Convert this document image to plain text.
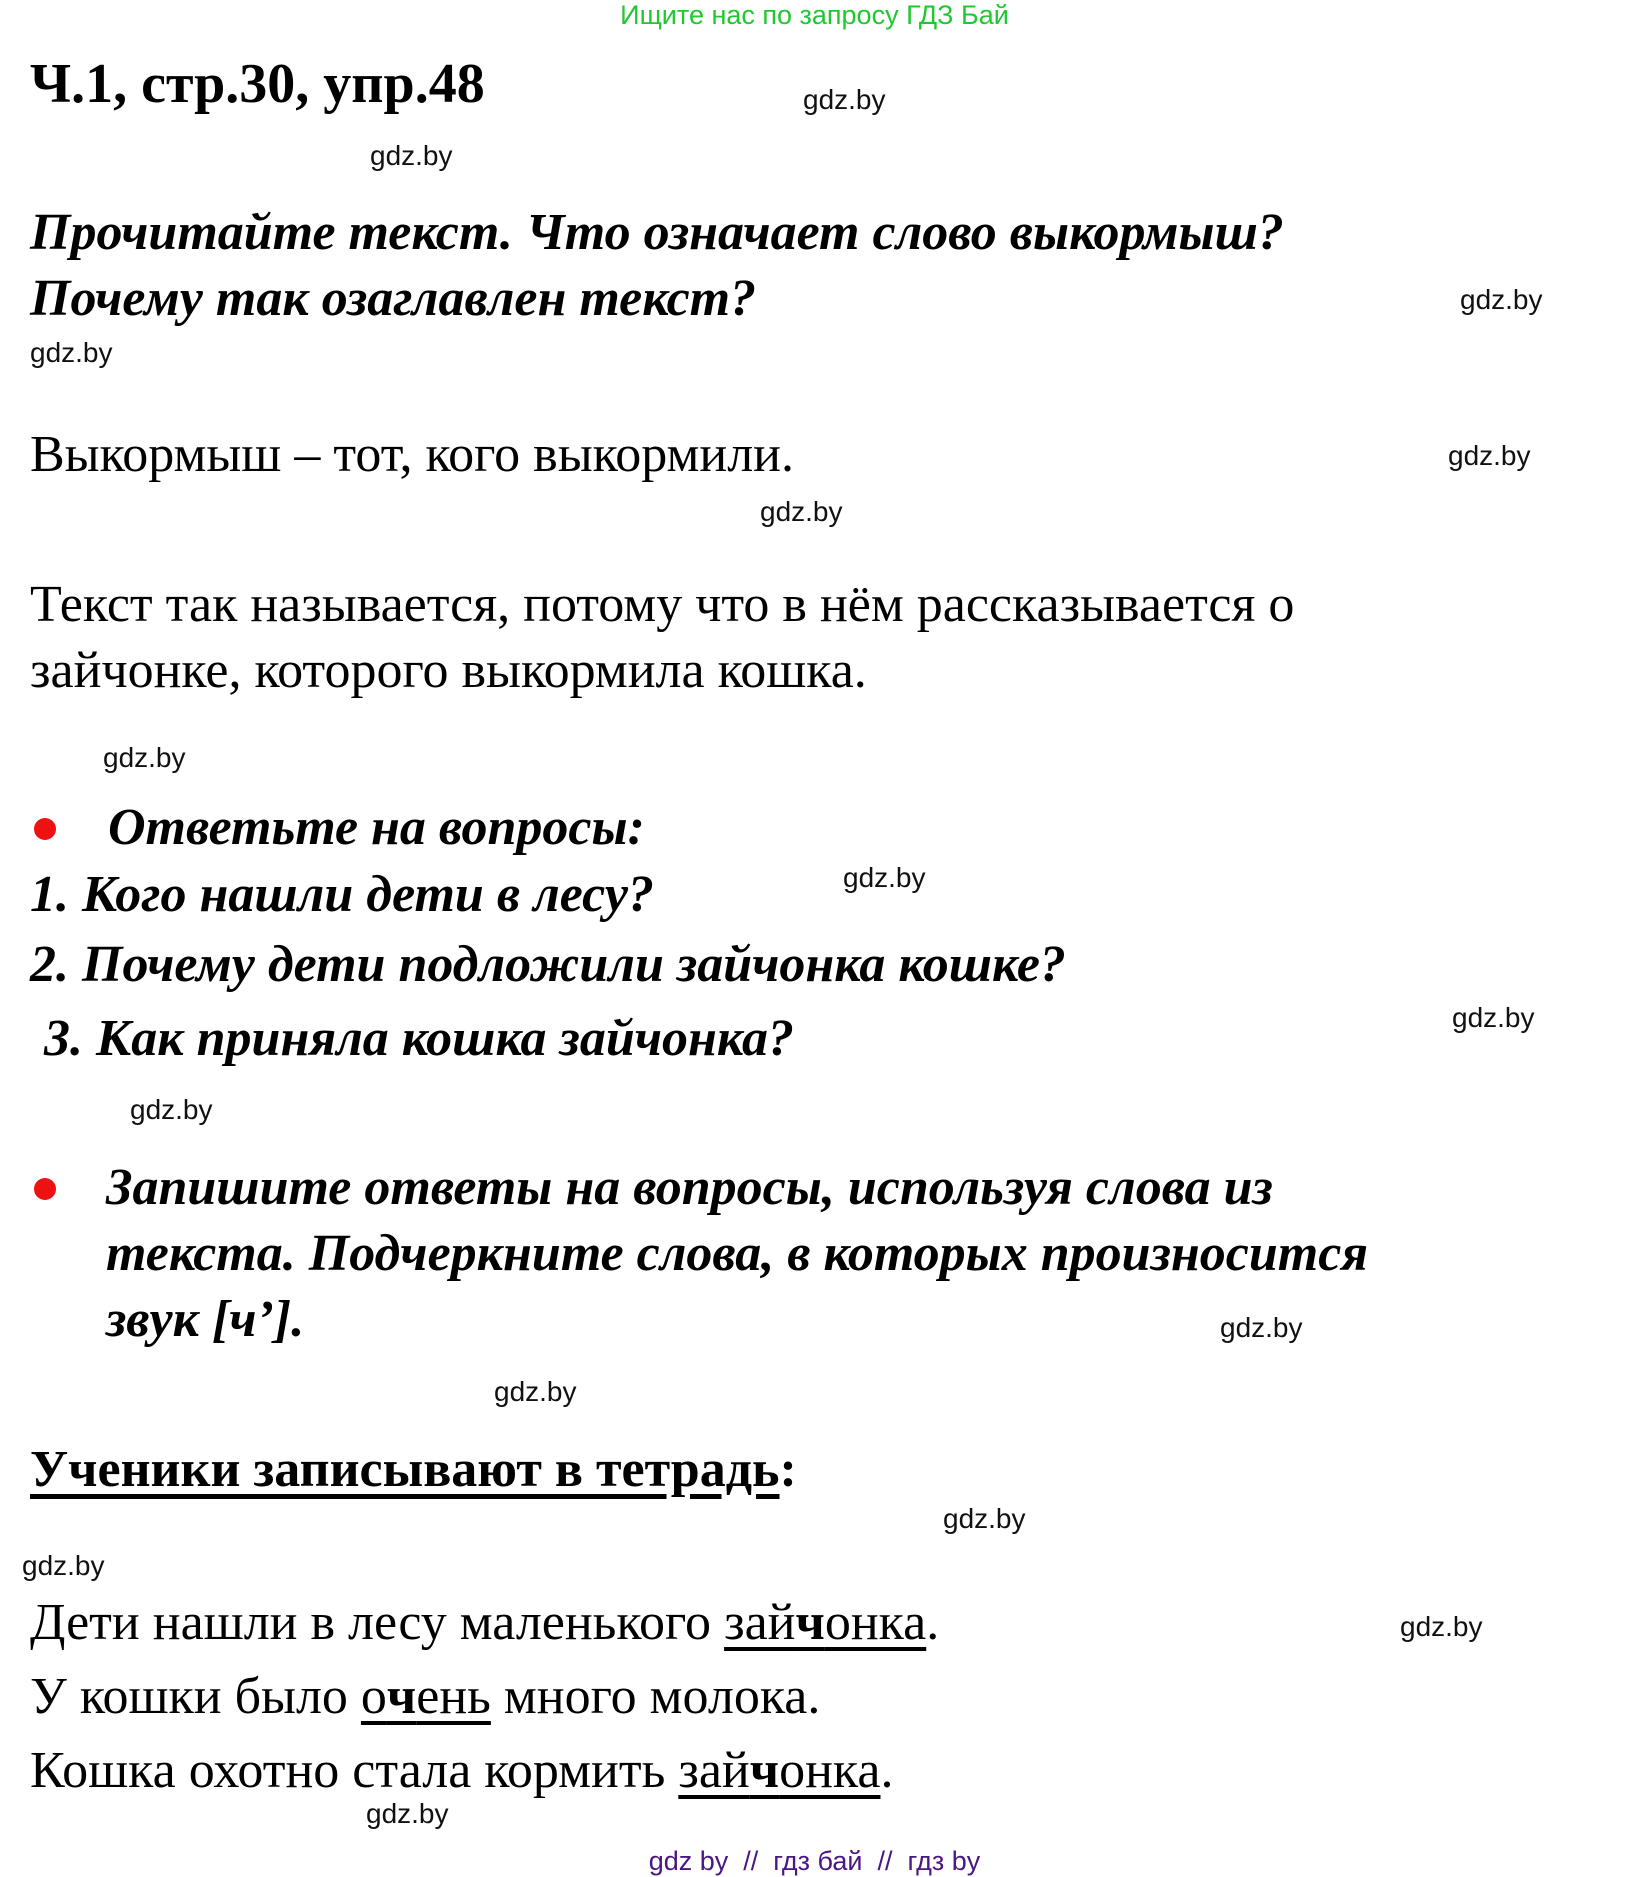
Ищите нас по запросу ГДЗ Бай
Ч.1, стр.30, упр.48
Прочитайте текст. Что означает слово выкормыш?
Почему так озаглавлен текст?
Выкормыш – тот, кого выкормили.
Текст так называется, потому что в нём рассказывается о
зайчонке, которого выкормила кошка.
Ответьте на вопросы:
1. Кого нашли дети в лесу?
2. Почему дети подложили зайчонка кошке?
3. Как приняла кошка зайчонка?
Запишите ответы на вопросы, используя слова из
текста. Подчеркните слова, в которых произносится
звук [ч’].
Ученики записывают в тетрадь:
Дети нашли в лесу маленького зайчонка.
У кошки было очень много молока.
Кошка охотно стала кормить зайчонка.
gdz.by
gdz.by
gdz.by
gdz.by
gdz.by
gdz.by
gdz.by
gdz.by
gdz.by
gdz.by
gdz.by
gdz.by
gdz.by
gdz.by
gdz.by
gdz.by
gdz by  //  гдз бай  //  гдз by
